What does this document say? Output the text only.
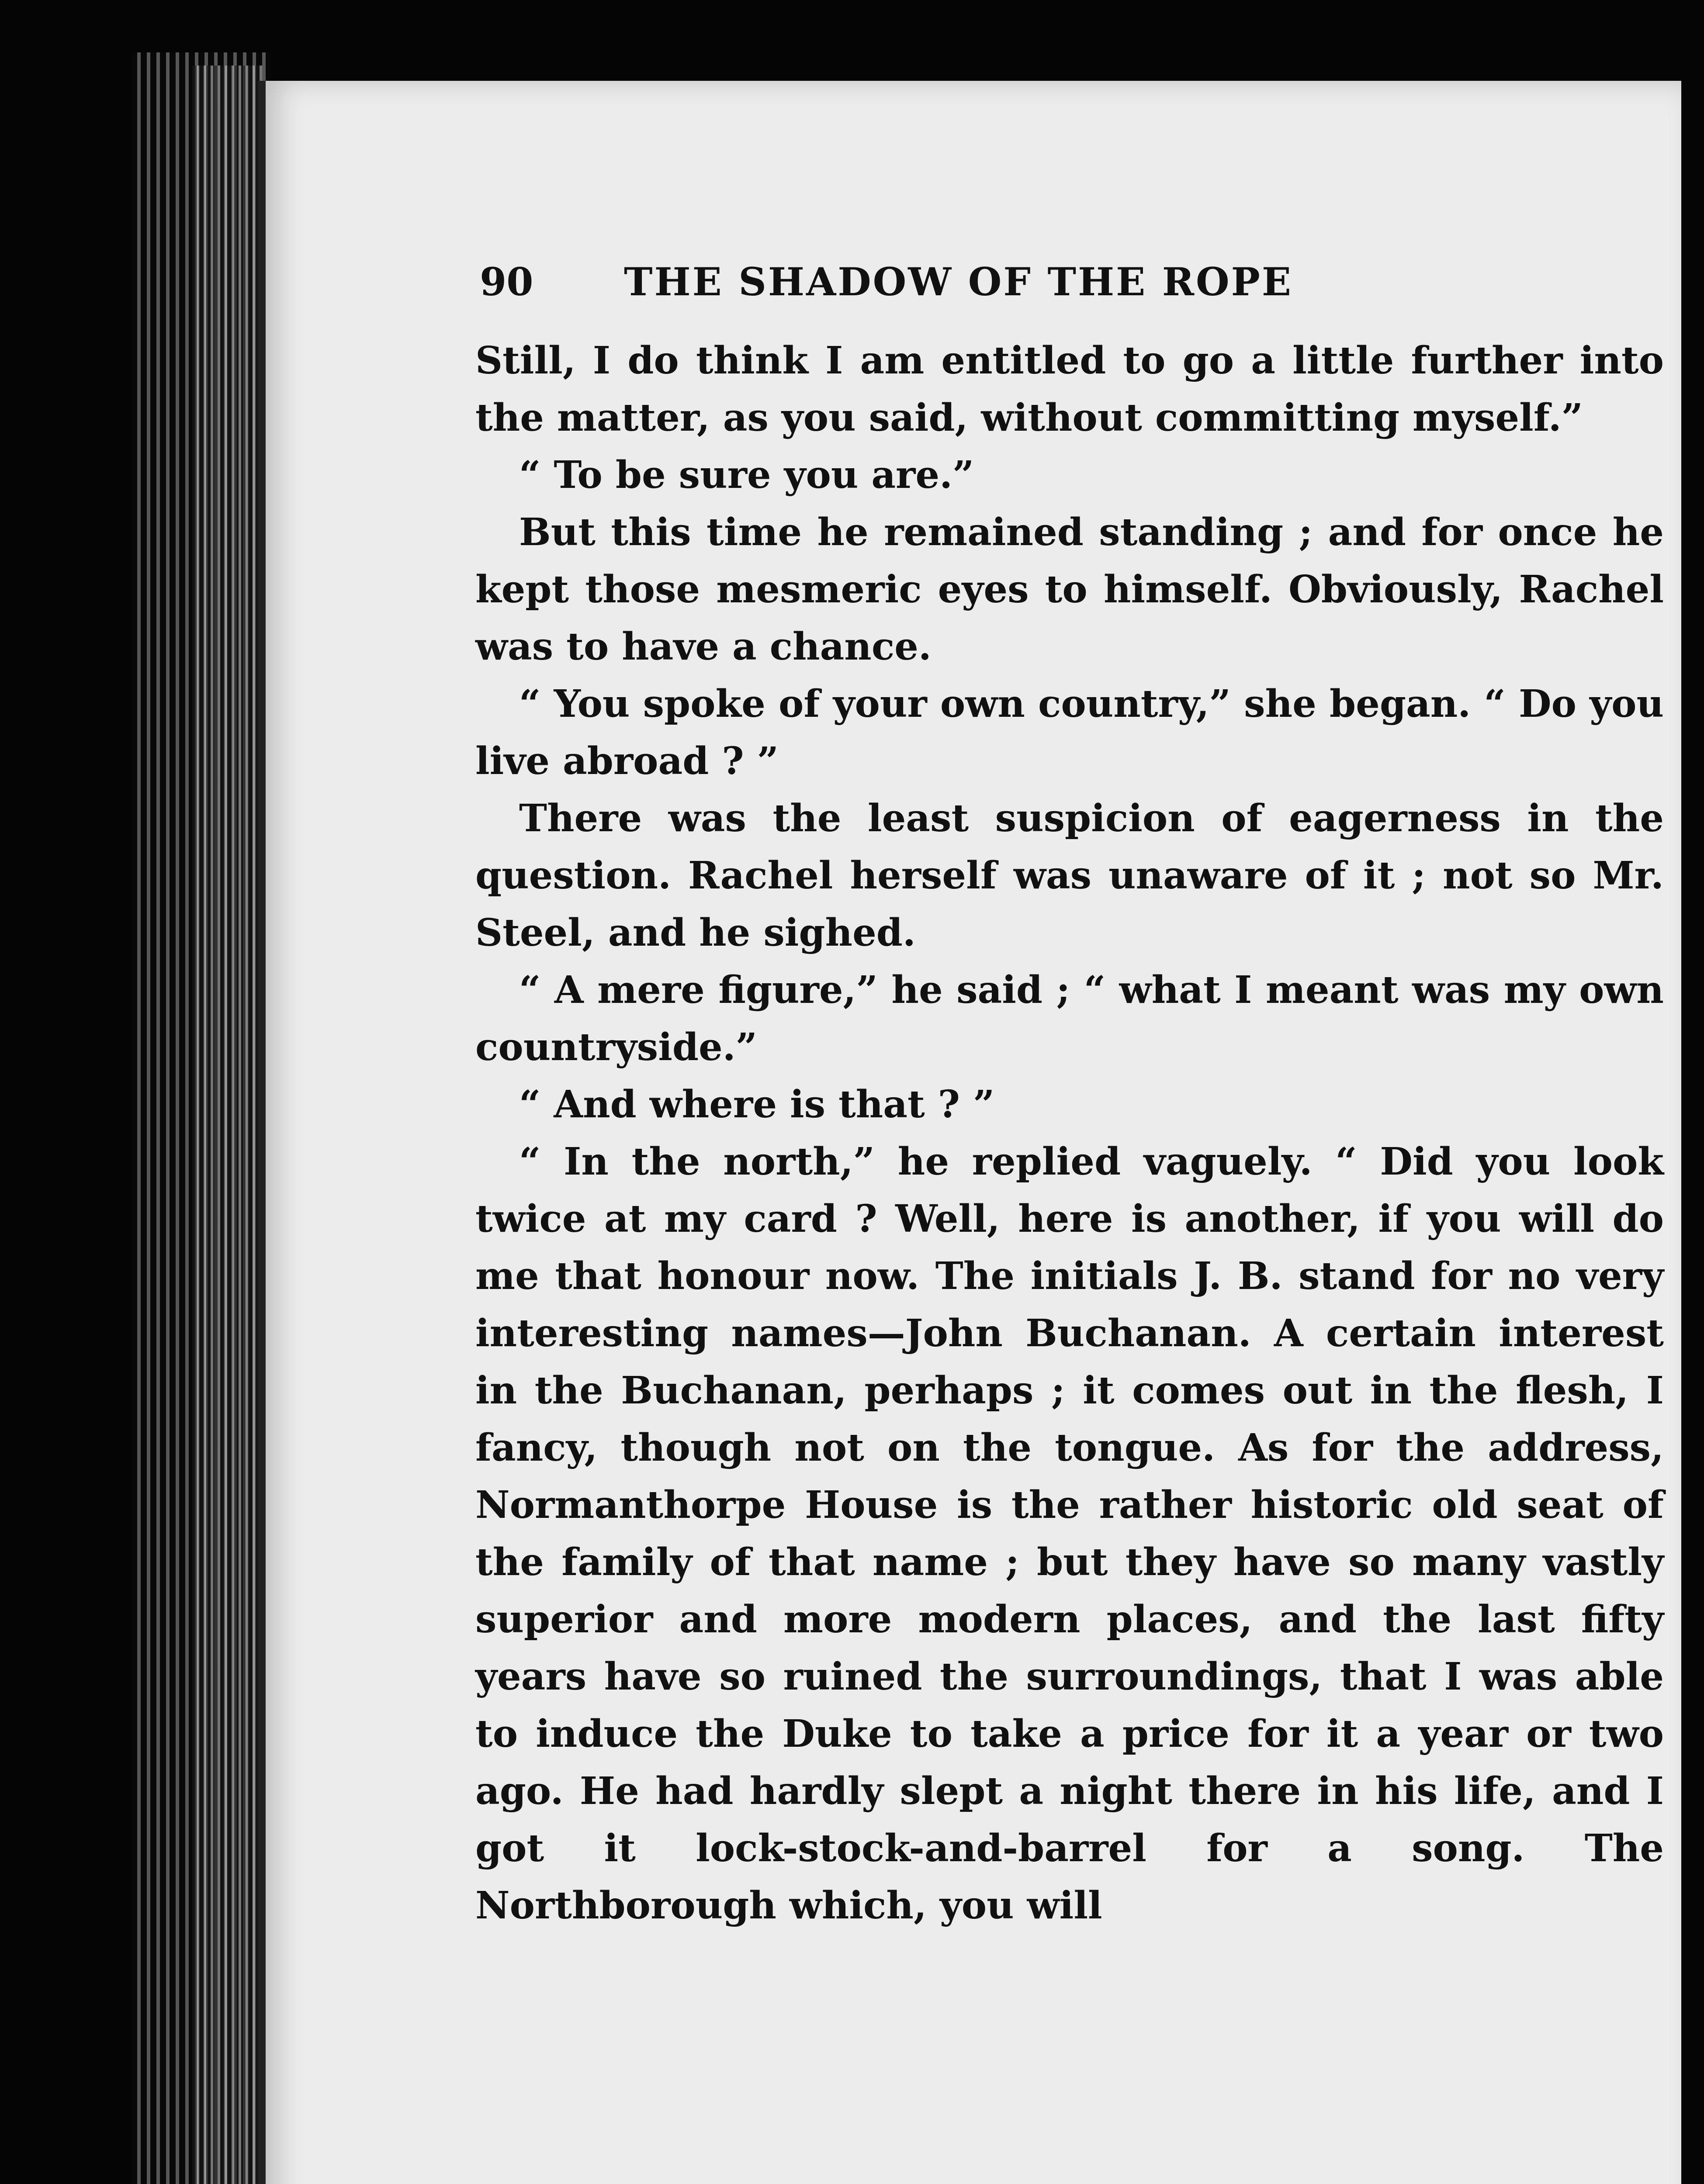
90	THE SHADOW OF THE ROPE

Still, I do think I am entitled to go a little further into the matter, as you said, without committing myself.”

“ To be sure you are.”

But this time he remained standing ; and for once he kept those mesmeric eyes to himself. Obviously, Rachel was to have a chance.

“ You spoke of your own country,” she began. “ Do you live abroad ? ”

There was the least suspicion of eagerness in the question. Rachel herself was unaware of it ; not so Mr. Steel, and he sighed.

“ A mere figure,” he said ; “ what I meant was my own countryside.”

“ And where is that ? ”

“ In the north,” he replied vaguely. “ Did you look twice at my card ? Well, here is another, if you will do me that honour now. The initials J. B. stand for no very interesting names—John Buchanan. A certain interest in the Buchanan, perhaps ; it comes out in the flesh, I fancy, though not on the tongue. As for the address, Normanthorpe House is the rather historic old seat of the family of that name ; but they have so many vastly superior and more modern places, and the last fifty years have so ruined the surroundings, that I was able to induce the Duke to take a price for it a year or two ago. He had hardly slept a night there in his life, and I got it lock-stock-and-barrel for a song. The Northborough which, you will
